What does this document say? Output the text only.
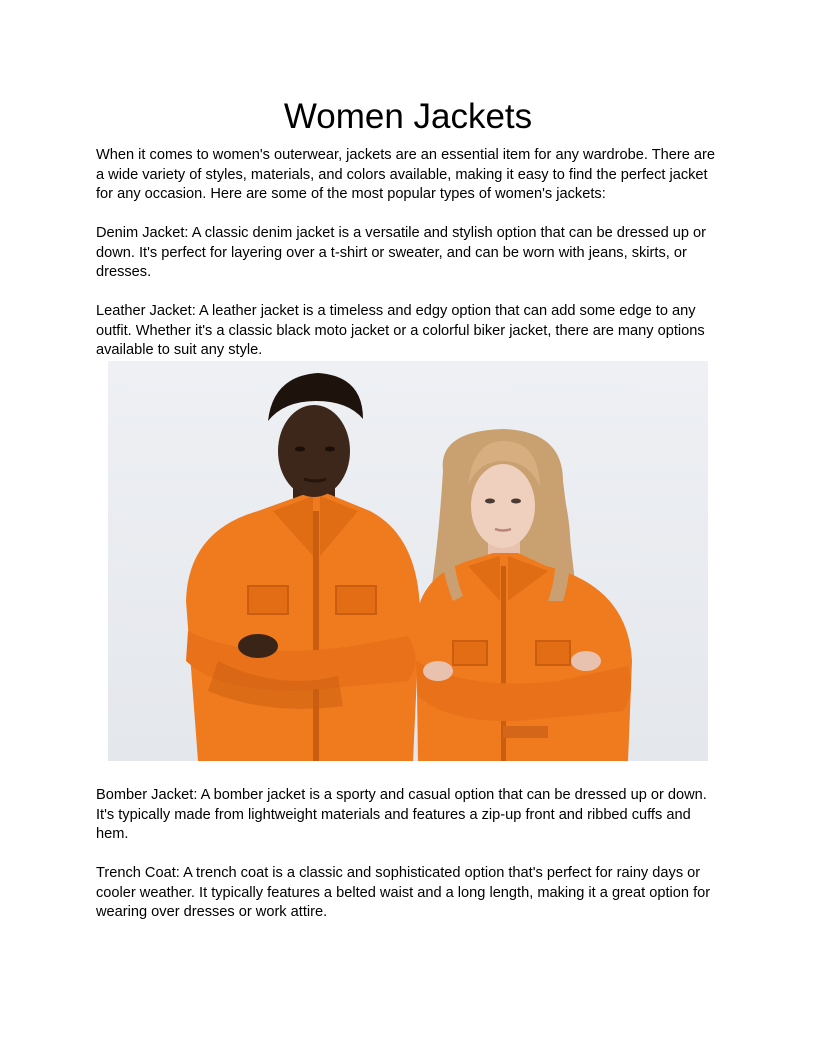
Women Jackets

When it comes to women's outerwear, jackets are an essential item for any wardrobe. There are a wide variety of styles, materials, and colors available, making it easy to find the perfect jacket for any occasion. Here are some of the most popular types of women's jackets:

Denim Jacket: A classic denim jacket is a versatile and stylish option that can be dressed up or down. It's perfect for layering over a t-shirt or sweater, and can be worn with jeans, skirts, or dresses.

Leather Jacket: A leather jacket is a timeless and edgy option that can add some edge to any outfit. Whether it's a classic black moto jacket or a colorful biker jacket, there are many options available to suit any style.

Bomber Jacket: A bomber jacket is a sporty and casual option that can be dressed up or down. It's typically made from lightweight materials and features a zip-up front and ribbed cuffs and hem.

Trench Coat: A trench coat is a classic and sophisticated option that's perfect for rainy days or cooler weather. It typically features a belted waist and a long length, making it a great option for wearing over dresses or work attire.
